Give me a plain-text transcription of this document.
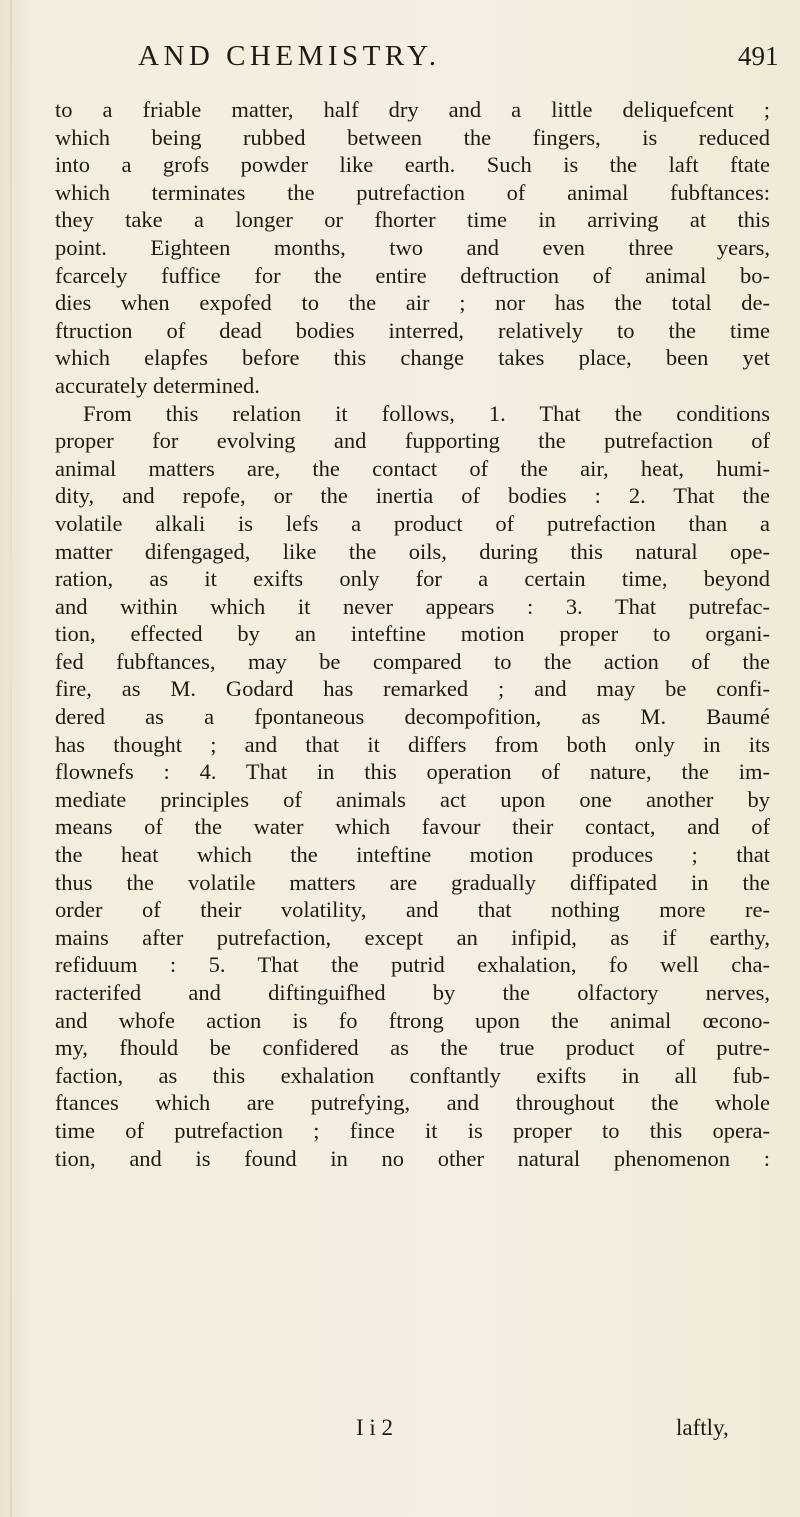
AND CHEMISTRY.	491
to a friable matter, half dry and a little deliquefcent ;
which being rubbed between the fingers, is reduced
into a grofs powder like earth. Such is the laft ftate
which terminates the putrefaction of animal fubftances:
they take a longer or fhorter time in arriving at this
point. Eighteen months, two and even three years,
fcarcely fuffice for the entire deftruction of animal bo-
dies when expofed to the air ; nor has the total de-
ftruction of dead bodies interred, relatively to the time
which elapfes before this change takes place, been yet
accurately determined.
From this relation it follows, 1. That the conditions
proper for evolving and fupporting the putrefaction of
animal matters are, the contact of the air, heat, humi-
dity, and repofe, or the inertia of bodies : 2. That the
volatile alkali is lefs a product of putrefaction than a
matter difengaged, like the oils, during this natural ope-
ration, as it exifts only for a certain time, beyond
and within which it never appears : 3. That putrefac-
tion, effected by an inteftine motion proper to organi-
fed fubftances, may be compared to the action of the
fire, as M. Godard has remarked ; and may be confi-
dered as a fpontaneous decompofition, as M. Baumé
has thought ; and that it differs from both only in its
flownefs : 4. That in this operation of nature, the im-
mediate principles of animals act upon one another by
means of the water which favour their contact, and of
the heat which the inteftine motion produces ; that
thus the volatile matters are gradually diffipated in the
order of their volatility, and that nothing more re-
mains after putrefaction, except an infipid, as if earthy,
refiduum : 5. That the putrid exhalation, fo well cha-
racterifed and diftinguifhed by the olfactory nerves,
and whofe action is fo ftrong upon the animal œcono-
my, fhould be confidered as the true product of putre-
faction, as this exhalation conftantly exifts in all fub-
ftances which are putrefying, and throughout the whole
time of putrefaction ; fince it is proper to this opera-
tion, and is found in no other natural phenomenon :
I i 2	laftly,
